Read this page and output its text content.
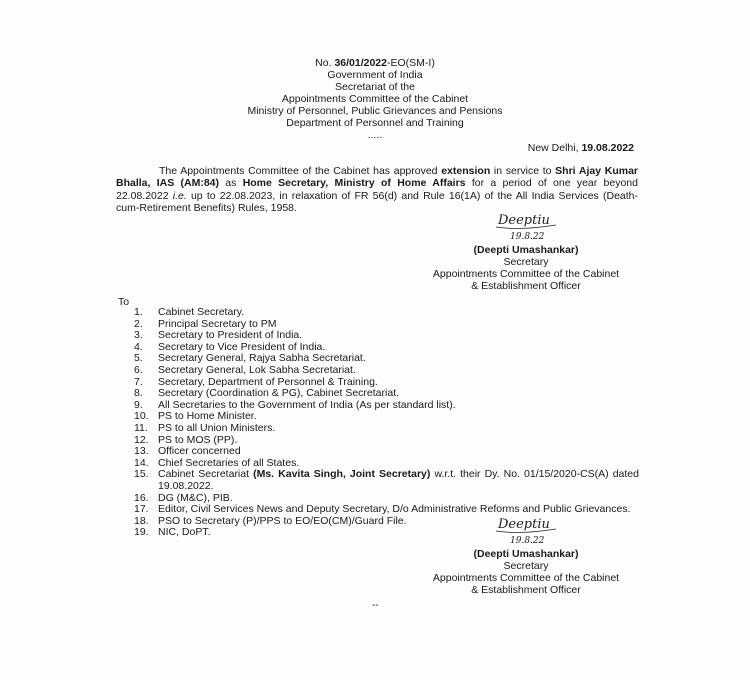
No. 36/01/2022-EO(SM-I)
Government of India
Secretariat of the
Appointments Committee of the Cabinet
Ministry of Personnel, Public Grievances and Pensions
Department of Personnel and Training
.....
New Delhi, 19.08.2022
The Appointments Committee of the Cabinet has approved extension in service to Shri Ajay Kumar Bhalla, IAS (AM:84) as Home Secretary, Ministry of Home Affairs for a period of one year beyond 22.08.2022 i.e. up to 22.08.2023, in relaxation of FR 56(d) and Rule 16(1A) of the All India Services (Death-cum-Retirement Benefits) Rules, 1958.
Deeptiu
19.8.22
(Deepti Umashankar)
Secretary
Appointments Committee of the Cabinet
& Establishment Officer
To
1.	Cabinet Secretary.
2.	Principal Secretary to PM
3.	Secretary to President of India.
4.	Secretary to Vice President of India.
5.	Secretary General, Rajya Sabha Secretariat.
6.	Secretary General, Lok Sabha Secretariat.
7.	Secretary, Department of Personnel & Training.
8.	Secretary (Coordination & PG), Cabinet Secretariat.
9.	All Secretaries to the Government of India (As per standard list).
10. PS to Home Minister.
11. PS to all Union Ministers.
12. PS to MOS (PP).
13. Officer concerned
14. Chief Secretaries of all States.
15. Cabinet Secretariat (Ms. Kavita Singh, Joint Secretary) w.r.t. their Dy. No. 01/15/2020-CS(A) dated 19.08.2022.
16. DG (M&C), PIB.
17. Editor, Civil Services News and Deputy Secretary, D/o Administrative Reforms and Public Grievances.
18. PSO to Secretary (P)/PPS to EO/EO(CM)/Guard File.
19. NIC, DoPT.
Deeptiu
19.8.22
(Deepti Umashankar)
Secretary
Appointments Committee of the Cabinet
& Establishment Officer
--
